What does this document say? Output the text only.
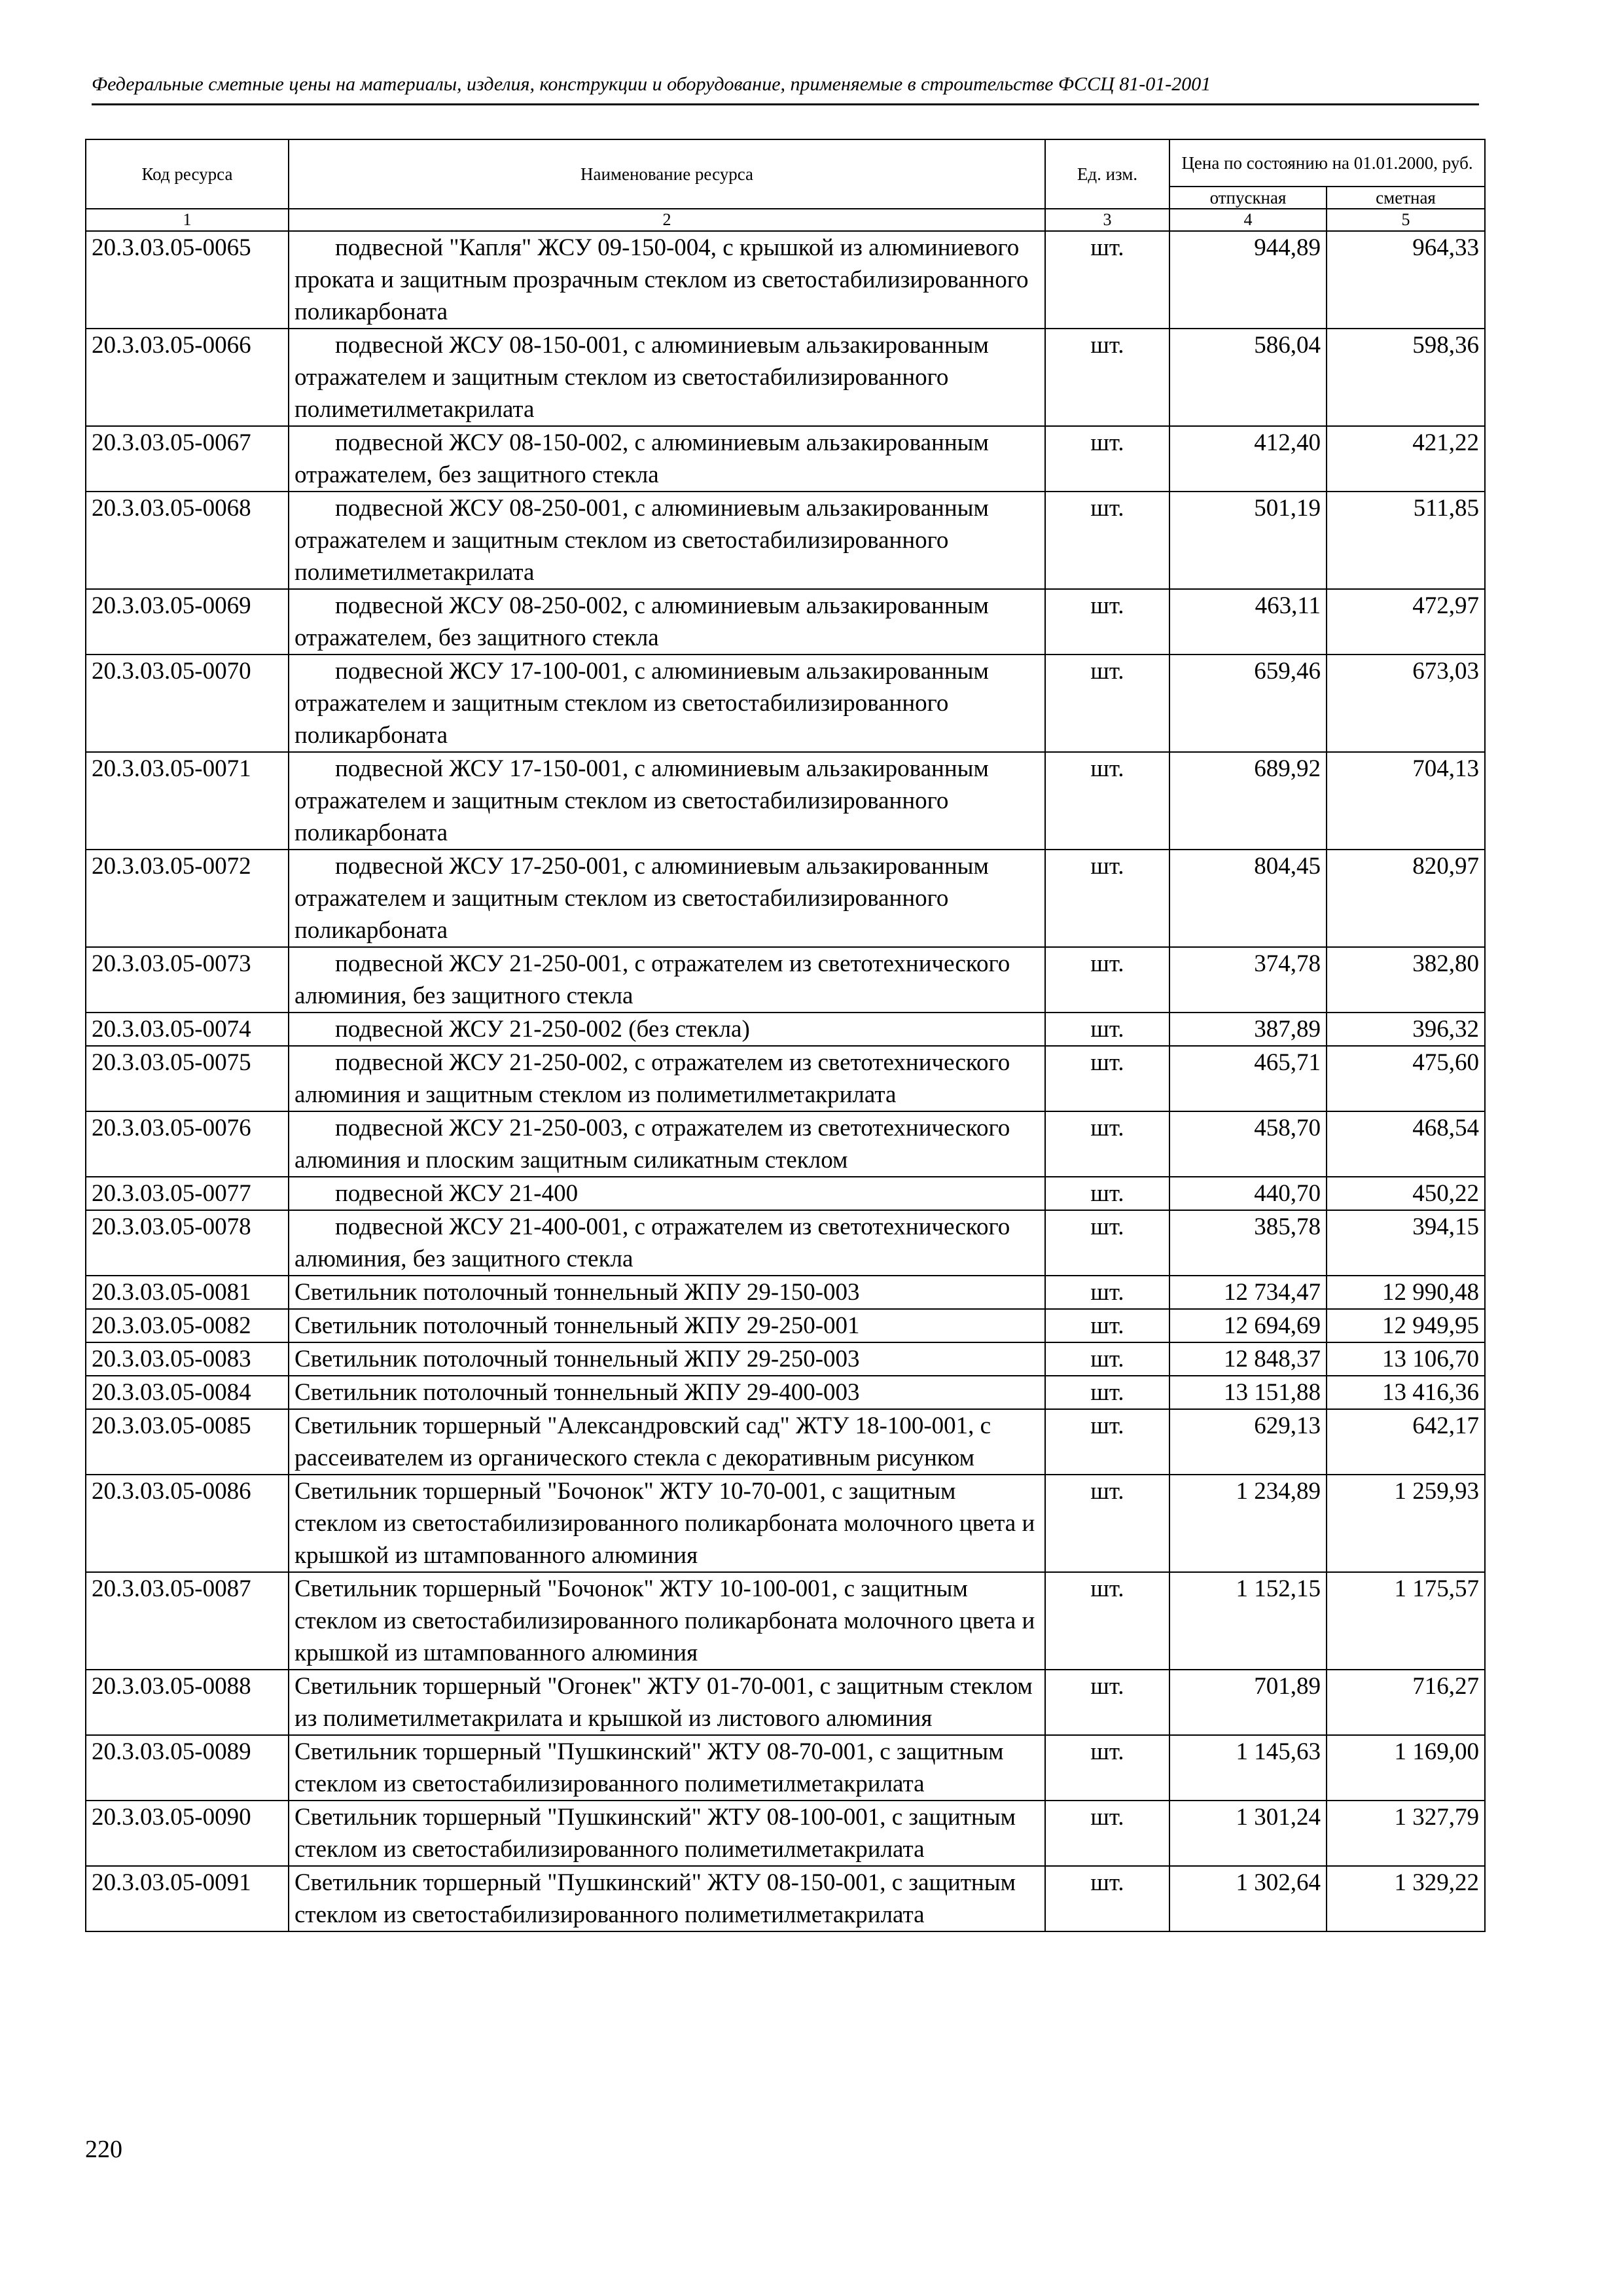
Федеральные сметные цены на материалы, изделия, конструкции и оборудование, применяемые в строительстве ФССЦ 81-01-2001
Код ресурса	Наименование ресурса	Ед. изм.	Цена по состоянию на 01.01.2000, руб.	
			отпускная	сметная
1	2	3	4	5
20.3.03.05-0065	подвесной "Капля" ЖСУ 09-150-004, с крышкой из алюминиевого проката и защитным прозрачным стеклом из светостабилизированного поликарбоната	шт.	944,89	964,33
20.3.03.05-0066	подвесной ЖСУ 08-150-001, с алюминиевым альзакированным отражателем и защитным стеклом из светостабилизированного полиметилметакрилата	шт.	586,04	598,36
20.3.03.05-0067	подвесной ЖСУ 08-150-002, с алюминиевым альзакированным отражателем, без защитного стекла	шт.	412,40	421,22
20.3.03.05-0068	подвесной ЖСУ 08-250-001, с алюминиевым альзакированным отражателем и защитным стеклом из светостабилизированного полиметилметакрилата	шт.	501,19	511,85
20.3.03.05-0069	подвесной ЖСУ 08-250-002, с алюминиевым альзакированным отражателем, без защитного стекла	шт.	463,11	472,97
20.3.03.05-0070	подвесной ЖСУ 17-100-001, с алюминиевым альзакированным отражателем и защитным стеклом из светостабилизированного поликарбоната	шт.	659,46	673,03
20.3.03.05-0071	подвесной ЖСУ 17-150-001, с алюминиевым альзакированным отражателем и защитным стеклом из светостабилизированного поликарбоната	шт.	689,92	704,13
20.3.03.05-0072	подвесной ЖСУ 17-250-001, с алюминиевым альзакированным отражателем и защитным стеклом из светостабилизированного поликарбоната	шт.	804,45	820,97
20.3.03.05-0073	подвесной ЖСУ 21-250-001, с отражателем из светотехнического алюминия, без защитного стекла	шт.	374,78	382,80
20.3.03.05-0074	подвесной ЖСУ 21-250-002 (без стекла)	шт.	387,89	396,32
20.3.03.05-0075	подвесной ЖСУ 21-250-002, с отражателем из светотехнического алюминия и защитным стеклом из полиметилметакрилата	шт.	465,71	475,60
20.3.03.05-0076	подвесной ЖСУ 21-250-003, с отражателем из светотехнического алюминия и плоским защитным силикатным стеклом	шт.	458,70	468,54
20.3.03.05-0077	подвесной ЖСУ 21-400	шт.	440,70	450,22
20.3.03.05-0078	подвесной ЖСУ 21-400-001, с отражателем из светотехнического алюминия, без защитного стекла	шт.	385,78	394,15
20.3.03.05-0081	Светильник потолочный тоннельный ЖПУ 29-150-003	шт.	12 734,47	12 990,48
20.3.03.05-0082	Светильник потолочный тоннельный ЖПУ 29-250-001	шт.	12 694,69	12 949,95
20.3.03.05-0083	Светильник потолочный тоннельный ЖПУ 29-250-003	шт.	12 848,37	13 106,70
20.3.03.05-0084	Светильник потолочный тоннельный ЖПУ 29-400-003	шт.	13 151,88	13 416,36
20.3.03.05-0085	Светильник торшерный "Александровский сад" ЖТУ 18-100-001, с рассеивателем из органического стекла с декоративным рисунком	шт.	629,13	642,17
20.3.03.05-0086	Светильник торшерный "Бочонок" ЖТУ 10-70-001, с защитным стеклом из светостабилизированного поликарбоната молочного цвета и крышкой из штампованного алюминия	шт.	1 234,89	1 259,93
20.3.03.05-0087	Светильник торшерный "Бочонок" ЖТУ 10-100-001, с защитным стеклом из светостабилизированного поликарбоната молочного цвета и крышкой из штампованного алюминия	шт.	1 152,15	1 175,57
20.3.03.05-0088	Светильник торшерный "Огонек" ЖТУ 01-70-001, с защитным стеклом из полиметилметакрилата и крышкой из листового алюминия	шт.	701,89	716,27
20.3.03.05-0089	Светильник торшерный "Пушкинский" ЖТУ 08-70-001, с защитным стеклом из светостабилизированного полиметилметакрилата	шт.	1 145,63	1 169,00
20.3.03.05-0090	Светильник торшерный "Пушкинский" ЖТУ 08-100-001, с защитным стеклом из светостабилизированного полиметилметакрилата	шт.	1 301,24	1 327,79
20.3.03.05-0091	Светильник торшерный "Пушкинский" ЖТУ 08-150-001, с защитным стеклом из светостабилизированного полиметилметакрилата	шт.	1 302,64	1 329,22
220
